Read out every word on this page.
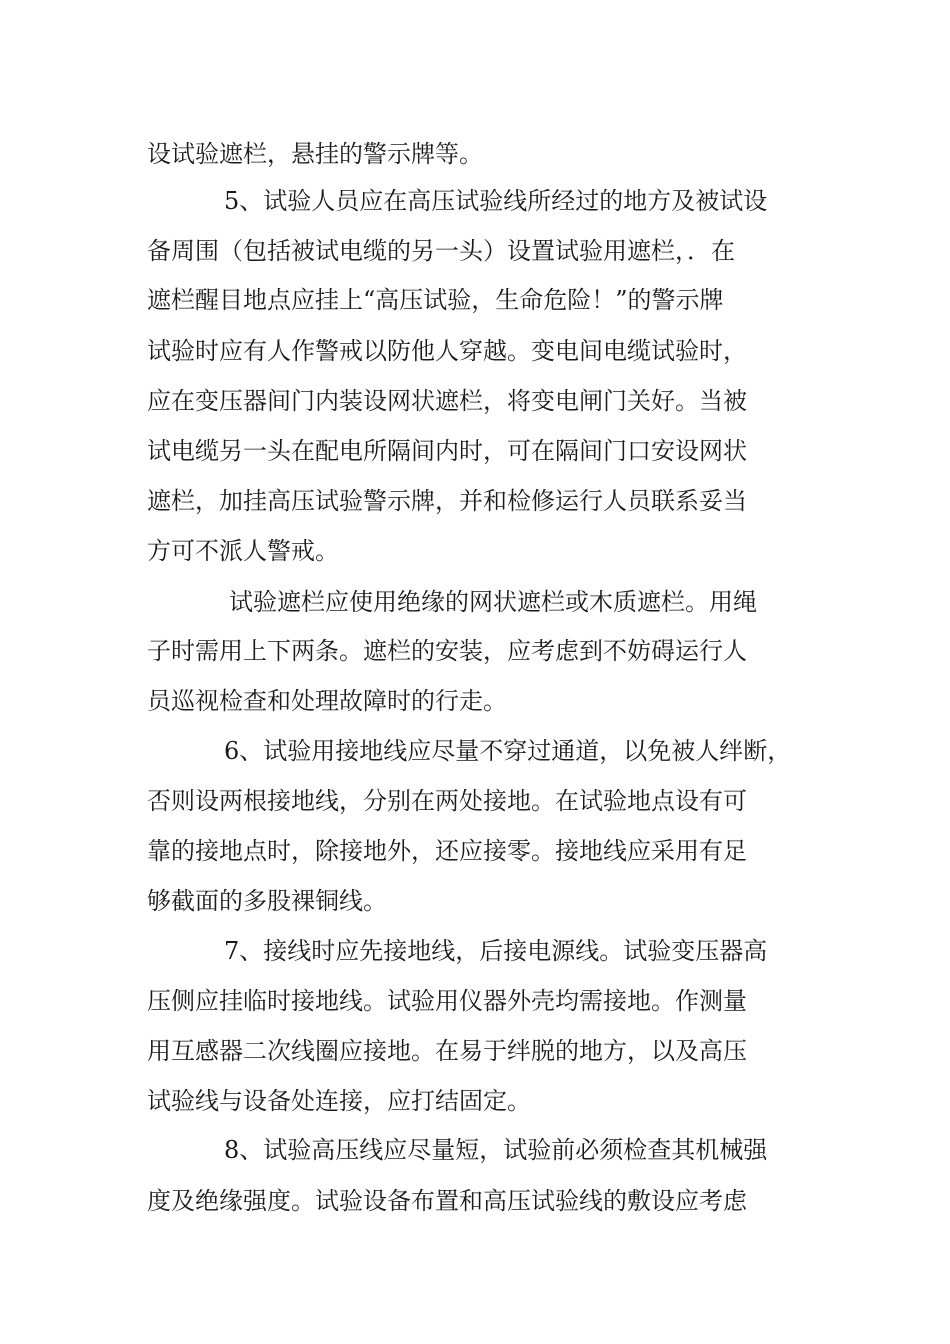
设试验遮栏，悬挂的警示牌等。
5、试验人员应在高压试验线所经过的地方及被试设
备周围（包括被试电缆的另一头）设置试验用遮栏，．在
遮栏醒目地点应挂上“高压试验，生命危险！”的警示牌
试验时应有人作警戒以防他人穿越。变电间电缆试验时，
应在变压器间门内装设网状遮栏，将变电闸门关好。当被
试电缆另一头在配电所隔间内时，可在隔间门口安设网状
遮栏，加挂高压试验警示牌，并和检修运行人员联系妥当
方可不派人警戒。
试验遮栏应使用绝缘的网状遮栏或木质遮栏。用绳
子时需用上下两条。遮栏的安装，应考虑到不妨碍运行人
员巡视检查和处理故障时的行走。
6、试验用接地线应尽量不穿过通道，以免被人绊断，
否则设两根接地线，分别在两处接地。在试验地点设有可
靠的接地点时，除接地外，还应接零。接地线应采用有足
够截面的多股裸铜线。
7、接线时应先接地线，后接电源线。试验变压器高
压侧应挂临时接地线。试验用仪器外壳均需接地。作测量
用互感器二次线圈应接地。在易于绊脱的地方，以及高压
试验线与设备处连接，应打结固定。
8、试验高压线应尽量短，试验前必须检查其机械强
度及绝缘强度。试验设备布置和高压试验线的敷设应考虑
